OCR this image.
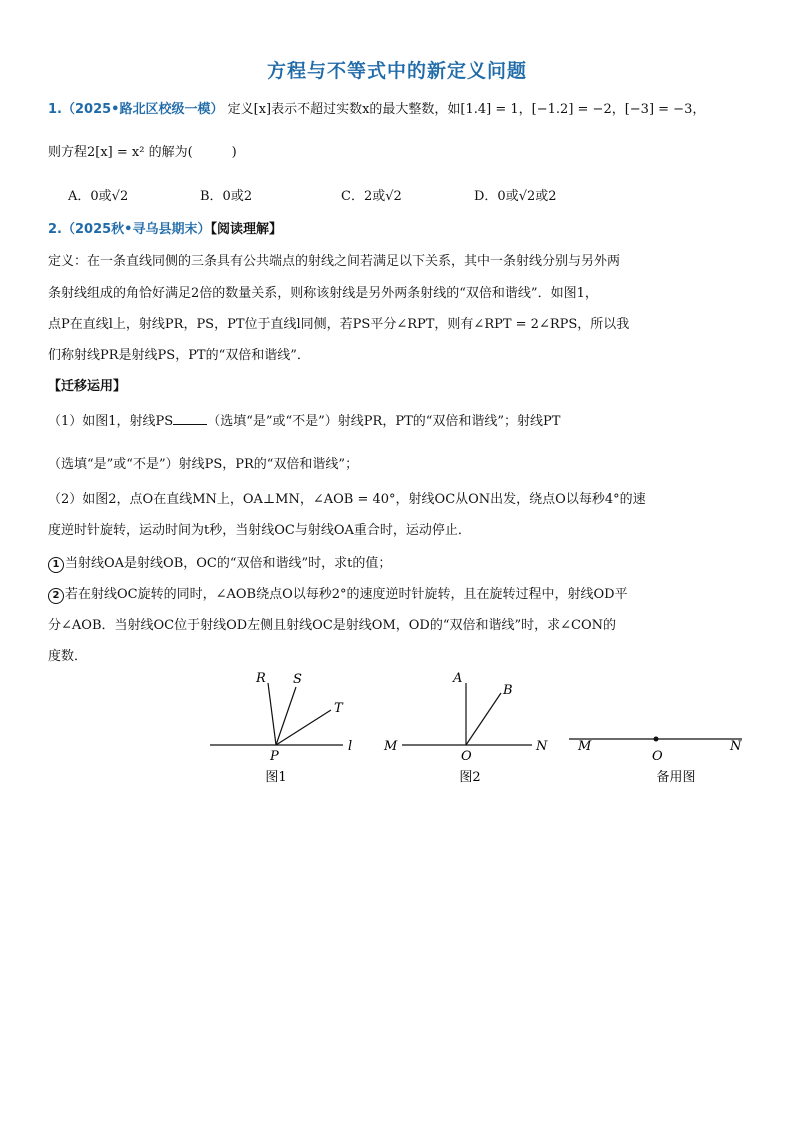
方程与不等式中的新定义问题
1.（2025•路北区校级一模） 定义[x]表示不超过实数x的最大整数，如[1.4] = 1，[−1.2] = −2，[−3] = −3，
则方程2[x] = x² 的解为(　　　)
A．0或√2	B．0或2	C．2或√2	D．0或√2或2
2.（2025秋•寻乌县期末）【阅读理解】
定义：在一条直线同侧的三条具有公共端点的射线之间若满足以下关系，其中一条射线分别与另外两
条射线组成的角恰好满足2倍的数量关系，则称该射线是另外两条射线的“双倍和谐线”．如图1，
点P在直线l上，射线PR，PS，PT位于直线l同侧，若PS平分∠RPT，则有∠RPT = 2∠RPS，所以我
们称射线PR是射线PS，PT的“双倍和谐线”．
【迁移运用】
（1）如图1，射线PS	（选填“是”或“不是”）射线PR，PT的“双倍和谐线”；射线PT
（选填“是”或“不是”）射线PS，PR的“双倍和谐线”；
（2）如图2，点O在直线MN上，OA⊥MN，∠AOB = 40°，射线OC从ON出发，绕点O以每秒4°的速
度逆时针旋转，运动时间为t秒，当射线OC与射线OA重合时，运动停止．
1 当射线OA是射线OB，OC的“双倍和谐线”时，求t的值；
2 若在射线OC旋转的同时，∠AOB绕点O以每秒2°的速度逆时针旋转，且在旋转过程中，射线OD平
分∠AOB．当射线OC位于射线OD左侧且射线OC是射线OM，OD的“双倍和谐线”时，求∠CON的
度数．
R S
T
P
l
图1
A
B
M
O
N
图2
M
O
N
备用图
